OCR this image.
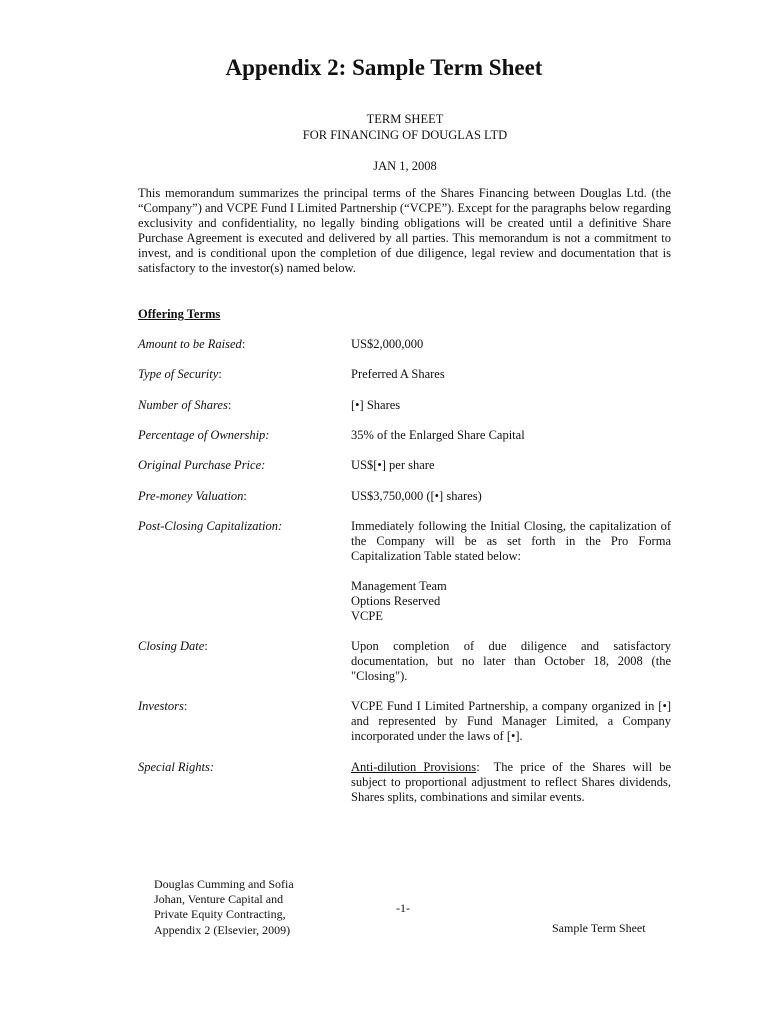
Appendix 2: Sample Term Sheet
TERM SHEET
FOR FINANCING OF DOUGLAS LTD
JAN 1, 2008
This memorandum summarizes the principal terms of the Shares Financing between Douglas Ltd. (the “Company”) and VCPE Fund I Limited Partnership (“VCPE”). Except for the paragraphs below regarding exclusivity and confidentiality, no legally binding obligations will be created until a definitive Share Purchase Agreement is executed and delivered by all parties. This memorandum is not a commitment to invest, and is conditional upon the completion of due diligence, legal review and documentation that is satisfactory to the investor(s) named below.
Offering Terms
Amount to be Raised:	US$2,000,000
Type of Security:	Preferred A Shares
Number of Shares:	[•] Shares
Percentage of Ownership:	35% of the Enlarged Share Capital
Original Purchase Price:	US$[•] per share
Pre-money Valuation:	US$3,750,000 ([•] shares)
Post-Closing Capitalization:	Immediately following the Initial Closing, the capitalization of the Company will be as set forth in the Pro Forma Capitalization Table stated below:
Management Team
Options Reserved
VCPE
Closing Date:	Upon completion of due diligence and satisfactory documentation, but no later than October 18, 2008 (the "Closing").
Investors:	VCPE Fund I Limited Partnership, a company organized in [•] and represented by Fund Manager Limited, a Company incorporated under the laws of [•].
Special Rights:	Anti-dilution Provisions:  The price of the Shares will be subject to proportional adjustment to reflect Shares dividends, Shares splits, combinations and similar events.
Douglas Cumming and Sofia
Johan, Venture Capital and
Private Equity Contracting,
Appendix 2 (Elsevier, 2009)
-1-
Sample Term Sheet
